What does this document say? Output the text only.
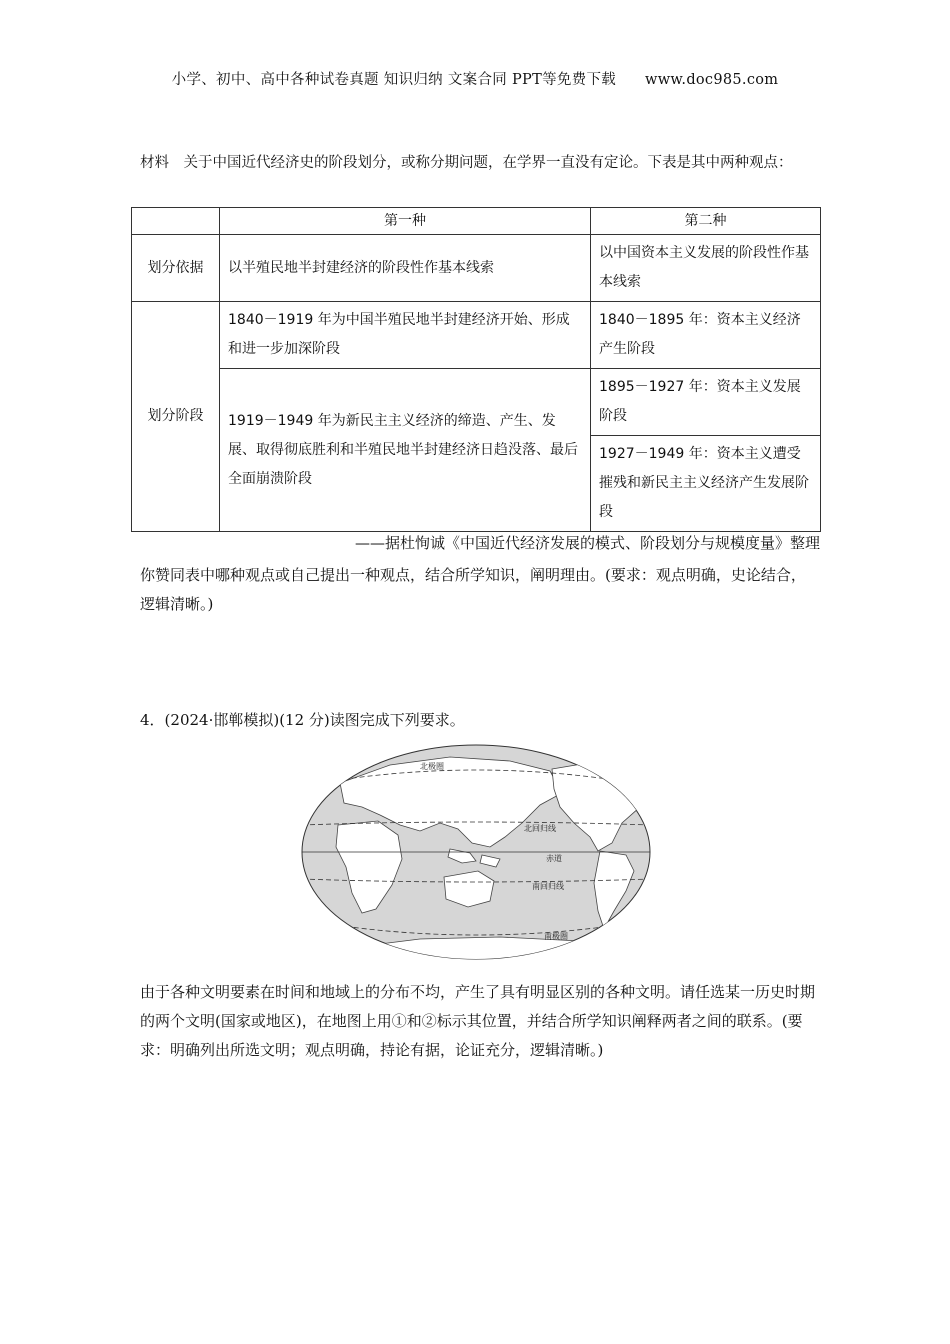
小学、初中、高中各种试卷真题 知识归纳 文案合同 PPT等免费下载 www.doc985.com
材料　关于中国近代经济史的阶段划分，或称分期问题，在学界一直没有定论。下表是其中两种观点：
	第一种	第二种
划分依据	以半殖民地半封建经济的阶段性作基本线索	以中国资本主义发展的阶段性作基本线索
划分阶段	1840－1919 年为中国半殖民地半封建经济开始、形成和进一步加深阶段	1840－1895 年：资本主义经济产生阶段
	1919－1949 年为新民主主义经济的缔造、产生、发展、取得彻底胜利和半殖民地半封建经济日趋没落、最后全面崩溃阶段	1895－1927 年：资本主义发展阶段
		1927－1949 年：资本主义遭受摧残和新民主主义经济产生发展阶段
——据杜恂诚《中国近代经济发展的模式、阶段划分与规模度量》整理
你赞同表中哪种观点或自己提出一种观点，结合所学知识，阐明理由。(要求：观点明确，史论结合，逻辑清晰。)
4．(2024·邯郸模拟)(12 分)读图完成下列要求。
北极圈
北回归线
赤道
南回归线
南极圈
由于各种文明要素在时间和地域上的分布不均，产生了具有明显区别的各种文明。请任选某一历史时期的两个文明(国家或地区)，在地图上用①和②标示其位置，并结合所学知识阐释两者之间的联系。(要求：明确列出所选文明；观点明确，持论有据，论证充分，逻辑清晰。)
